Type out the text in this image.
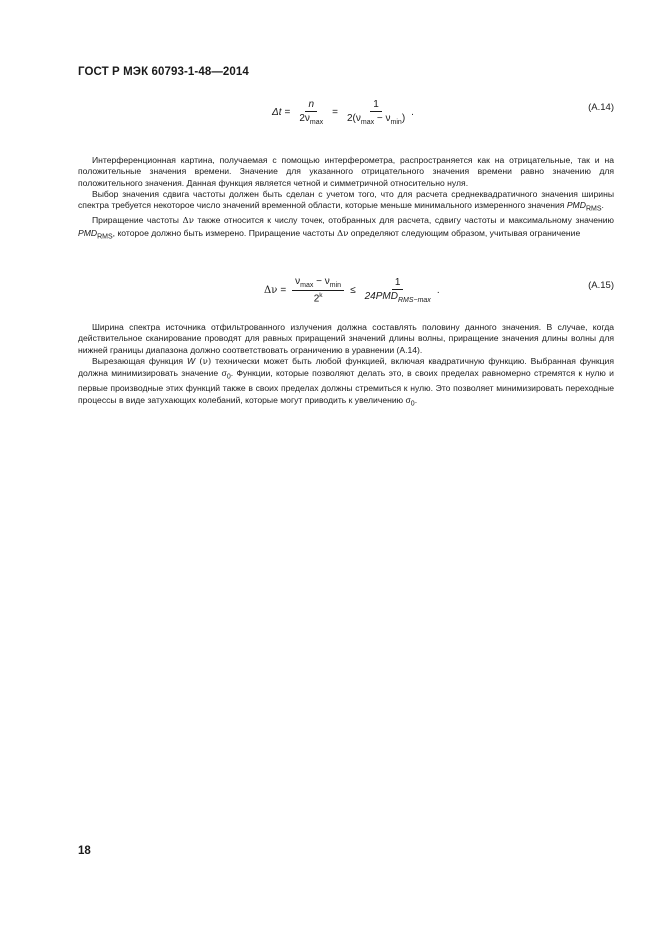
ГОСТ Р МЭК 60793-1-48—2014
$\Delta t = \frac{n}{2\nu_{max}} = \frac{1}{2(\nu_{max} - \nu_{min})}$ .	(A.14)

Интерференционная картина, получаемая с помощью интерферометра, распространяется как на отрицательные, так и на положительные значения времени. Значение для указанного отрицательного значения времени равно значению для положительного значения. Данная функция является четной и симметричной относительно нуля.

Выбор значения сдвига частоты должен быть сделан с учетом того, что для расчета среднеквадратичного значения ширины спектра требуется некоторое число значений временной области, которые меньше минимального измеренного значения $PMD_{RMS}$.

Приращение частоты Δν также относится к числу точек, отобранных для расчета, сдвигу частоты и максимальному значению $PMD_{RMS}$, которое должно быть измерено. Приращение частоты Δν определяют следующим образом, учитывая ограничение

$\Delta\nu = \frac{\nu_{max} - \nu_{min}}{2^k} \le \frac{1}{24PMD_{RMS-max}}$ .	(A.15)

Ширина спектра источника отфильтрованного излучения должна составлять половину данного значения. В случае, когда действительное сканирование проводят для равных приращений значений длины волны, приращение значения длины волны для нижней границы диапазона должно соответствовать ограничению в уравнении (A.14).

Вырезающая функция W (ν) технически может быть любой функцией, включая квадратичную функцию. Выбранная функция должна минимизировать значение $\sigma_0$. Функции, которые позволяют делать это, в своих пределах равномерно стремятся к нулю и первые производные этих функций также в своих пределах должны стремиться к нулю. Это позволяет минимизировать переходные процессы в виде затухающих колебаний, которые могут приводить к увеличению $\sigma_0$.

18
